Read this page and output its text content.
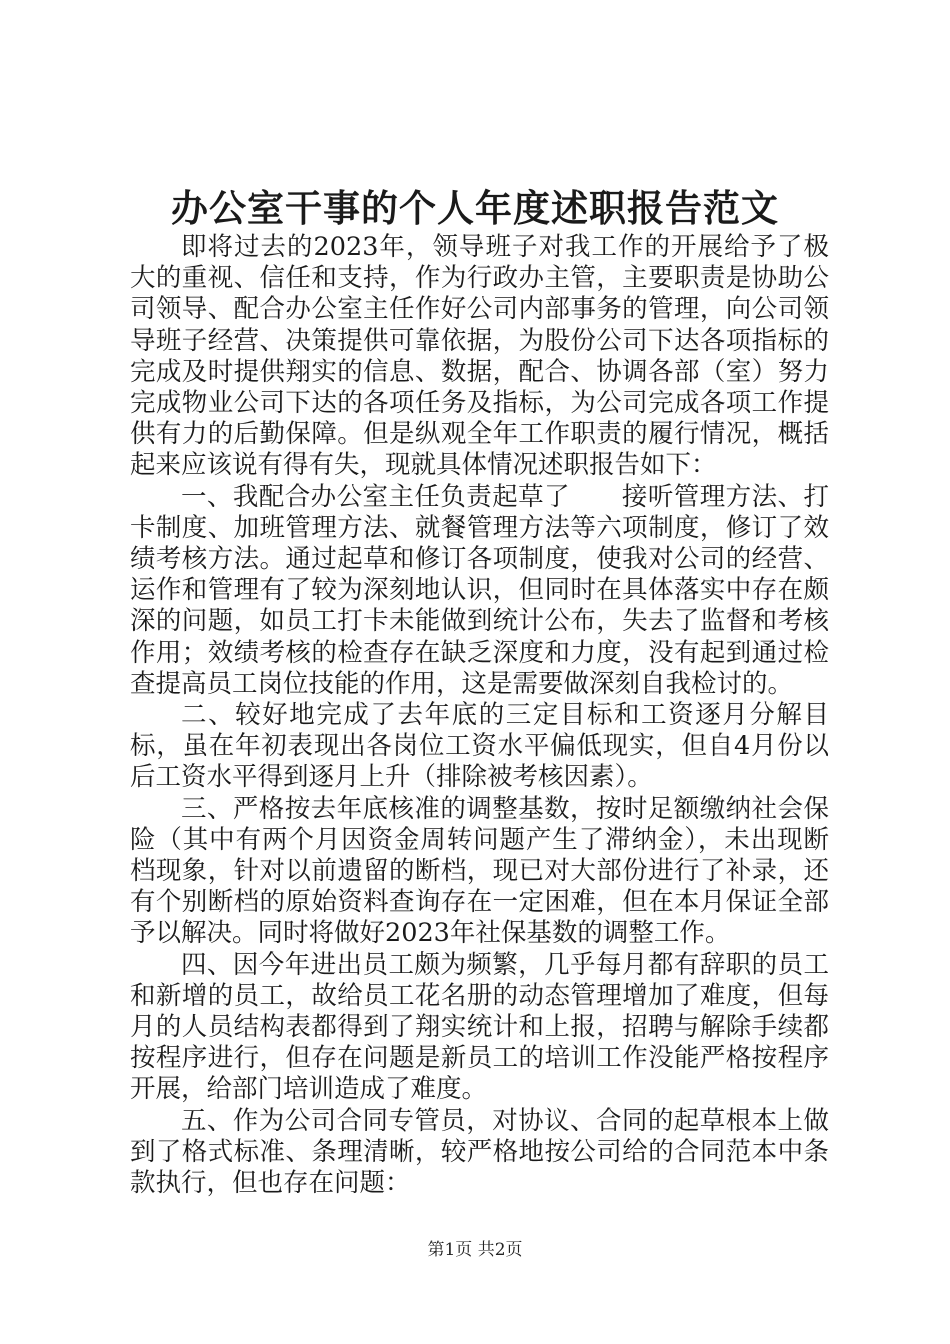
办公室干事的个人年度述职报告范文

即将过去的2023年，领导班子对我工作的开展给予了极大的重视、信任和支持，作为行政办主管，主要职责是协助公司领导、配合办公室主任作好公司内部事务的管理，向公司领导班子经营、决策提供可靠依据，为股份公司下达各项指标的完成及时提供翔实的信息、数据，配合、协调各部（室）努力完成物业公司下达的各项任务及指标，为公司完成各项工作提供有力的后勤保障。但是纵观全年工作职责的履行情况，概括起来应该说有得有失，现就具体情况述职报告如下：

一、我配合办公室主任负责起草了　　接听管理方法、打卡制度、加班管理方法、就餐管理方法等六项制度，修订了效绩考核方法。通过起草和修订各项制度，使我对公司的经营、运作和管理有了较为深刻地认识，但同时在具体落实中存在颇深的问题，如员工打卡未能做到统计公布，失去了监督和考核作用；效绩考核的检查存在缺乏深度和力度，没有起到通过检查提高员工岗位技能的作用，这是需要做深刻自我检讨的。

二、较好地完成了去年底的三定目标和工资逐月分解目标，虽在年初表现出各岗位工资水平偏低现实，但自4月份以后工资水平得到逐月上升（排除被考核因素）。

三、严格按去年底核准的调整基数，按时足额缴纳社会保险（其中有两个月因资金周转问题产生了滞纳金），未出现断档现象，针对以前遗留的断档，现已对大部份进行了补录，还有个别断档的原始资料查询存在一定困难，但在本月保证全部予以解决。同时将做好2023年社保基数的调整工作。

四、因今年进出员工颇为频繁，几乎每月都有辞职的员工和新增的员工，故给员工花名册的动态管理增加了难度，但每月的人员结构表都得到了翔实统计和上报，招聘与解除手续都按程序进行，但存在问题是新员工的培训工作没能严格按程序开展，给部门培训造成了难度。

五、作为公司合同专管员，对协议、合同的起草根本上做到了格式标准、条理清晰，较严格地按公司给的合同范本中条款执行，但也存在问题：

第1页 共2页
